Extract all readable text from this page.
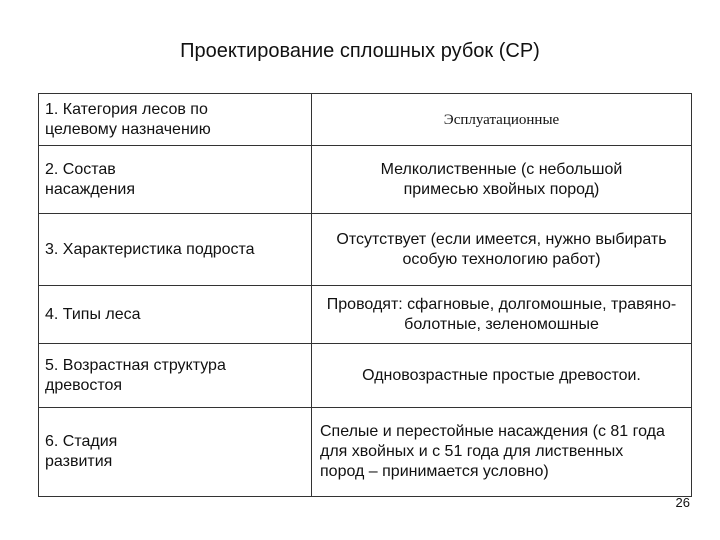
Проектирование сплошных рубок (СР)
1. Категория лесов по целевому назначению
Эсплуатационные
2. Состав насаждения
Мелколиственные (с небольшой примесью хвойных пород)
3. Характеристика подроста
Отсутствует (если имеется, нужно выбирать особую технологию работ)
4. Типы леса
Проводят: сфагновые, долгомошные, травяно-болотные, зеленомошные
5. Возрастная структура древостоя
Одновозрастные простые древостои.
6. Стадия развития
Спелые и перестойные насаждения (с 81 года для хвойных и с 51 года для лиственных пород – принимается условно)
26
